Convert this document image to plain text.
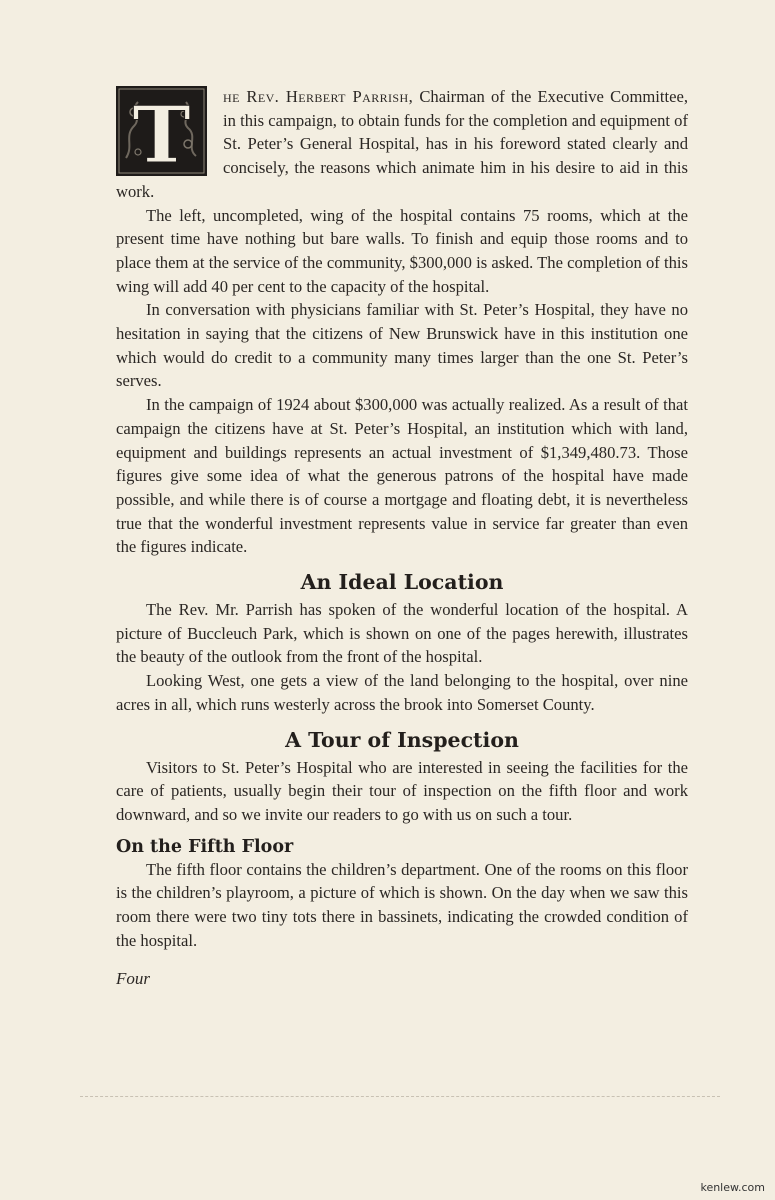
T	he Rev. Herbert Parrish, Chairman of the Executive Committee, in this campaign, to obtain funds for the completion and equipment of St. Peter’s General Hospital, has in his foreword stated clearly and concisely, the reasons which animate him in his desire to aid in this work.

The left, uncompleted, wing of the hospital contains 75 rooms, which at the present time have nothing but bare walls. To finish and equip those rooms and to place them at the service of the community, $300,000 is asked. The completion of this wing will add 40 per cent to the capacity of the hospital.

In conversation with physicians familiar with St. Peter’s Hospital, they have no hesitation in saying that the citizens of New Brunswick have in this institution one which would do credit to a community many times larger than the one St. Peter’s serves.

In the campaign of 1924 about $300,000 was actually realized. As a result of that campaign the citizens have at St. Peter’s Hospital, an institution which with land, equipment and buildings represents an actual investment of $1,349,480.73. Those figures give some idea of what the generous patrons of the hospital have made possible, and while there is of course a mortgage and floating debt, it is nevertheless true that the wonderful investment represents value in service far greater than even the figures indicate.

An Ideal Location

The Rev. Mr. Parrish has spoken of the wonderful location of the hospital. A picture of Buccleuch Park, which is shown on one of the pages herewith, illustrates the beauty of the outlook from the front of the hospital.

Looking West, one gets a view of the land belonging to the hospital, over nine acres in all, which runs westerly across the brook into Somerset County.

A Tour of Inspection

Visitors to St. Peter’s Hospital who are interested in seeing the facilities for the care of patients, usually begin their tour of inspection on the fifth floor and work downward, and so we invite our readers to go with us on such a tour.

On the Fifth Floor

The fifth floor contains the children’s department. One of the rooms on this floor is the children’s playroom, a picture of which is shown. On the day when we saw this room there were two tiny tots there in bassinets, indicating the crowded condition of the hospital.

Four

kenlew.com
